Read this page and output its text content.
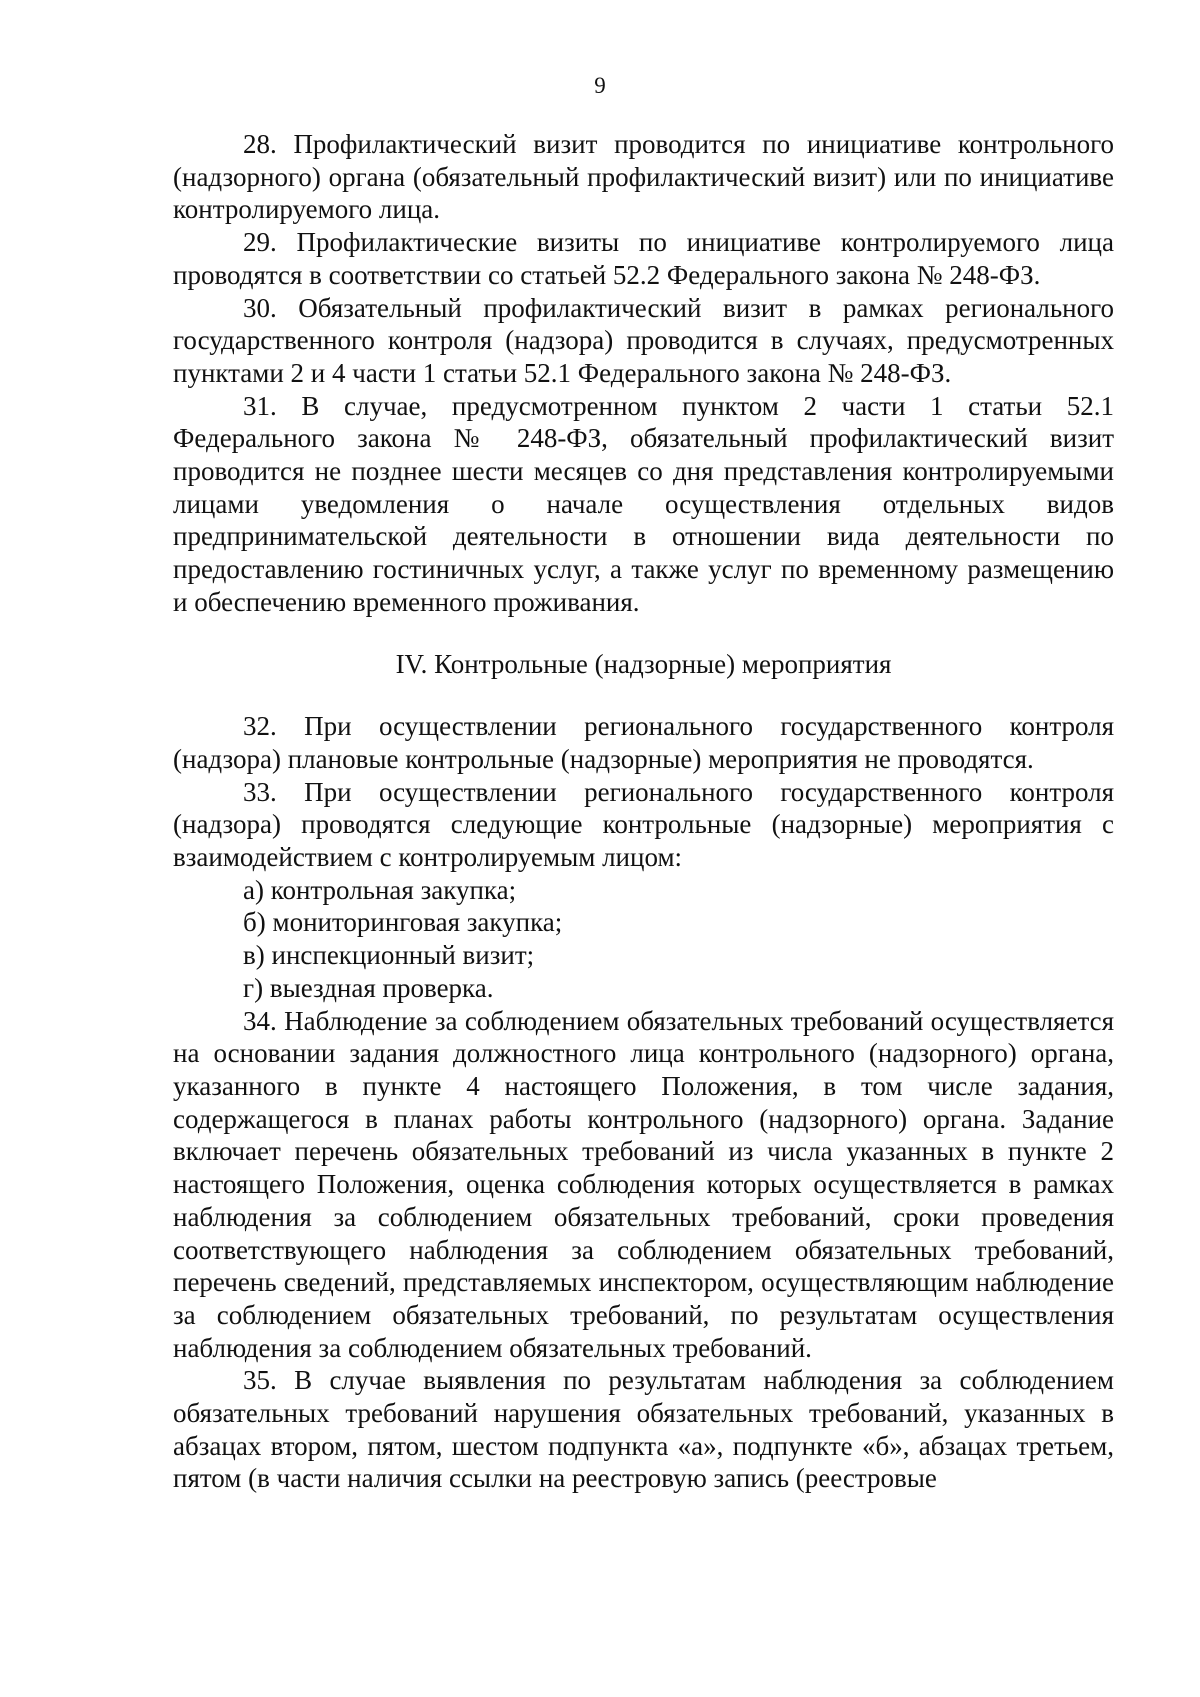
9

28. Профилактический визит проводится по инициативе контрольного (надзорного) органа (обязательный профилактический визит) или по инициативе контролируемого лица.

29. Профилактические визиты по инициативе контролируемого лица проводятся в соответствии со статьей 52.2 Федерального закона № 248-ФЗ.

30. Обязательный профилактический визит в рамках регионального государственного контроля (надзора) проводится в случаях, предусмотренных пунктами 2 и 4 части 1 статьи 52.1 Федерального закона № 248-ФЗ.

31. В случае, предусмотренном пунктом 2 части 1 статьи 52.1 Федерального закона № 248-ФЗ, обязательный профилактический визит проводится не позднее шести месяцев со дня представления контролируемыми лицами уведомления о начале осуществления отдельных видов предпринимательской деятельности в отношении вида деятельности по предоставлению гостиничных услуг, а также услуг по временному размещению и обеспечению временного проживания.

IV. Контрольные (надзорные) мероприятия

32. При осуществлении регионального государственного контроля (надзора) плановые контрольные (надзорные) мероприятия не проводятся.

33. При осуществлении регионального государственного контроля (надзора) проводятся следующие контрольные (надзорные) мероприятия с взаимодействием с контролируемым лицом:

а) контрольная закупка;

б) мониторинговая закупка;

в) инспекционный визит;

г) выездная проверка.

34. Наблюдение за соблюдением обязательных требований осуществляется на основании задания должностного лица контрольного (надзорного) органа, указанного в пункте 4 настоящего Положения, в том числе задания, содержащегося в планах работы контрольного (надзорного) органа. Задание включает перечень обязательных требований из числа указанных в пункте 2 настоящего Положения, оценка соблюдения которых осуществляется в рамках наблюдения за соблюдением обязательных требований, сроки проведения соответствующего наблюдения за соблюдением обязательных требований, перечень сведений, представляемых инспектором, осуществляющим наблюдение за соблюдением обязательных требований, по результатам осуществления наблюдения за соблюдением обязательных требований.

35. В случае выявления по результатам наблюдения за соблюдением обязательных требований нарушения обязательных требований, указанных в абзацах втором, пятом, шестом подпункта «а», подпункте «б», абзацах третьем, пятом (в части наличия ссылки на реестровую запись (реестровые
